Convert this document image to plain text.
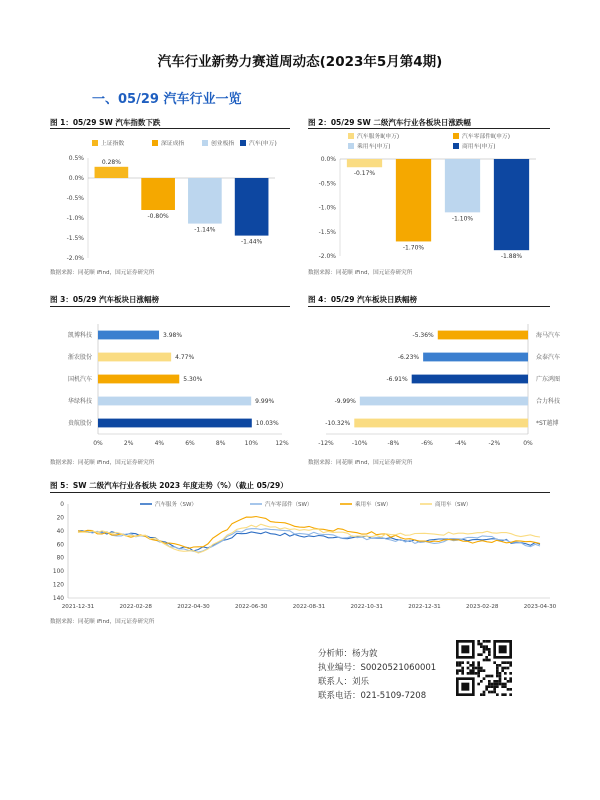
汽车行业新势力赛道周动态(2023年5月第4期)
一、05/29 汽车行业一览
图 1：05/29 SW 汽车指数下跌
上证指数	深证成指	创业板指	汽车(申万)
0.5%
0.0%
-0.5%
-1.0%
-1.5%
-2.0%
0.28%
-0.80%
-1.14%
-1.44%
数据来源：同花顺 iFind，国元证券研究所
图 2：05/29 SW 二级汽车行业各板块日涨跌幅
汽车服务Ⅱ(申万)	汽车零部件Ⅱ(申万)
乘用车(申万)	商用车(申万)
0.0%
-0.5%
-1.0%
-1.5%
-2.0%
-0.17%
-1.70%
-1.10%
-1.88%
数据来源：同花顺 iFind，国元证券研究所
图 3：05/29 汽车板块日涨幅榜
凯博科技	3.98%
浙农股份	4.77%
国机汽车	5.30%
华绿科技	9.99%
贵航股份	10.03%
0%	2%	4%	6%	8%	10%	12%
数据来源：同花顺 iFind，国元证券研究所
图 4：05/29 汽车板块日跌幅榜
海马汽车
-5.36%
众泰汽车
-6.23%
广东鸿图
-6.91%
合力科技
-9.99%
*ST越博
-10.32%
-12%	-10%	-8%	-6%	-4%	-2%	0%
数据来源：同花顺 iFind，国元证券研究所
图 5：SW 二级汽车行业各板块 2023 年度走势（%）（截止 05/29）
汽车服务（SW）	汽车零部件（SW）	乘用车（SW）	商用车（SW）
0
20
40
60
80
100
120
140
2021-12-31	2022-02-28	2022-04-30	2022-06-30	2022-08-31	2022-10-31	2022-12-31	2023-02-28	2023-04-30
数据来源：同花顺 iFind，国元证券研究所
分析师：杨为敦
执业编号：S0020521060001
联系人：刘乐
联系电话：021-5109-7208
